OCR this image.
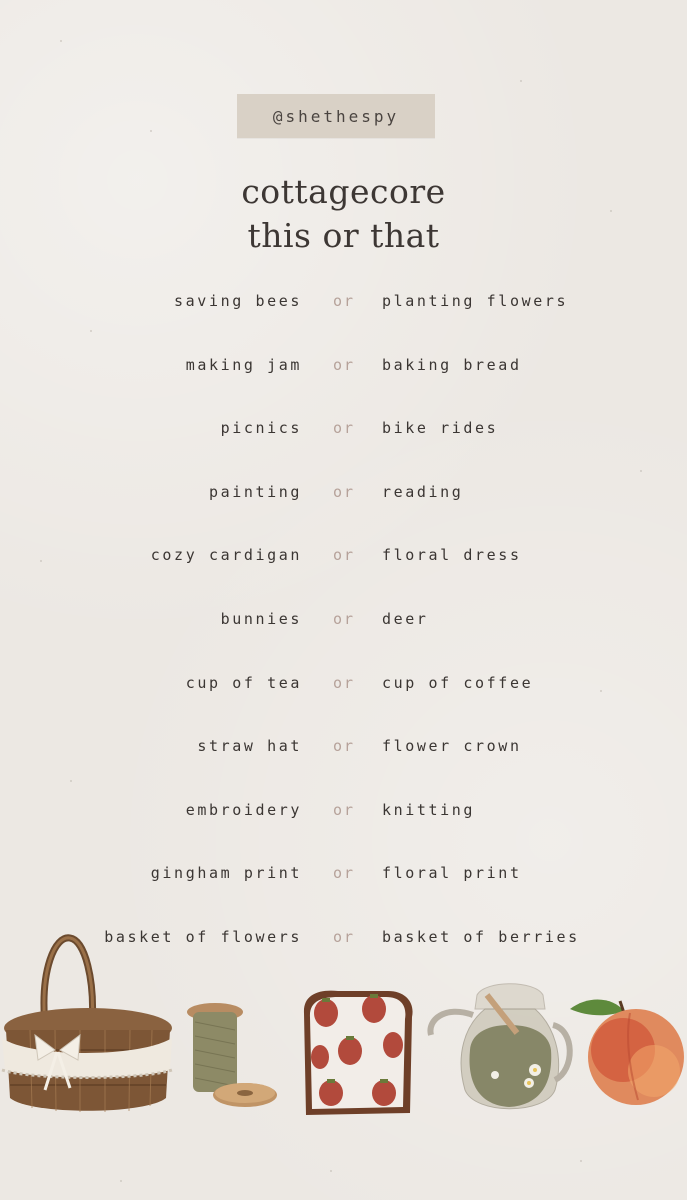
@shethespy
cottagecore
this or that
saving bees or planting flowers
making jam or baking bread
picnics or bike rides
painting or reading
cozy cardigan or floral dress
bunnies or deer
cup of tea or cup of coffee
straw hat or flower crown
embroidery or knitting
gingham print or floral print
basket of flowers or basket of berries
